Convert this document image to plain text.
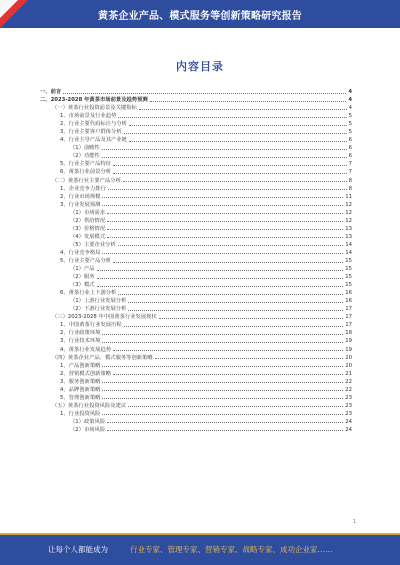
黄茶企业产品、模式服务等创新策略研究报告
内容目录
一、前言	4
二、2023-2028 年黄茶市场前景及趋势预测	4
（一）黄茶行业投资前景及关键指标	4
1、市场前景及行业趋势	5
2、行业主要代码标注与分析	5
3、行业主要客户群体分析	5
4、行业主导产品及其产业链	6
（1）前瞻性	6
（2）功能性	6
5、行业主要产品特征	7
6、黄茶行业前景分析	7
（二）黄茶行业主要产品分析	8
1、企业竞争力排行	8
2、行业市场规模	11
3、行业发展预测	12
（1）市场需求	12
（2）供给情况	12
（3）价格情况	13
（4）发展模式	13
（5）主要企业分析	14
4、行业竞争格局	14
5、行业主要产品分析	15
（1）产品	15
（2）服务	15
（3）模式	15
6、黄茶行业上下游分析	16
（1）上游行业发展分析	16
（2）下游行业发展分析	17
（三）2023-2028 年中国黄茶行业发展现状	17
1、中国黄茶行业发展历程	17
2、行业政策环境	18
3、行业技术环境	19
4、黄茶行业发展趋势	19
（四）黄茶企业产品、模式服务等创新策略	20
1、产品创新策略	20
2、营销模式创新策略	21
3、服务创新策略	22
4、品牌创新策略	22
5、管理创新策略	23
（五）黄茶行业投资风险及建议	23
1、行业投资风险	23
（1）政策风险	24
（2）市场风险	24
1
让每个人都能成为	行业专家、管理专家、营销专家、战略专家、成功企业家……
